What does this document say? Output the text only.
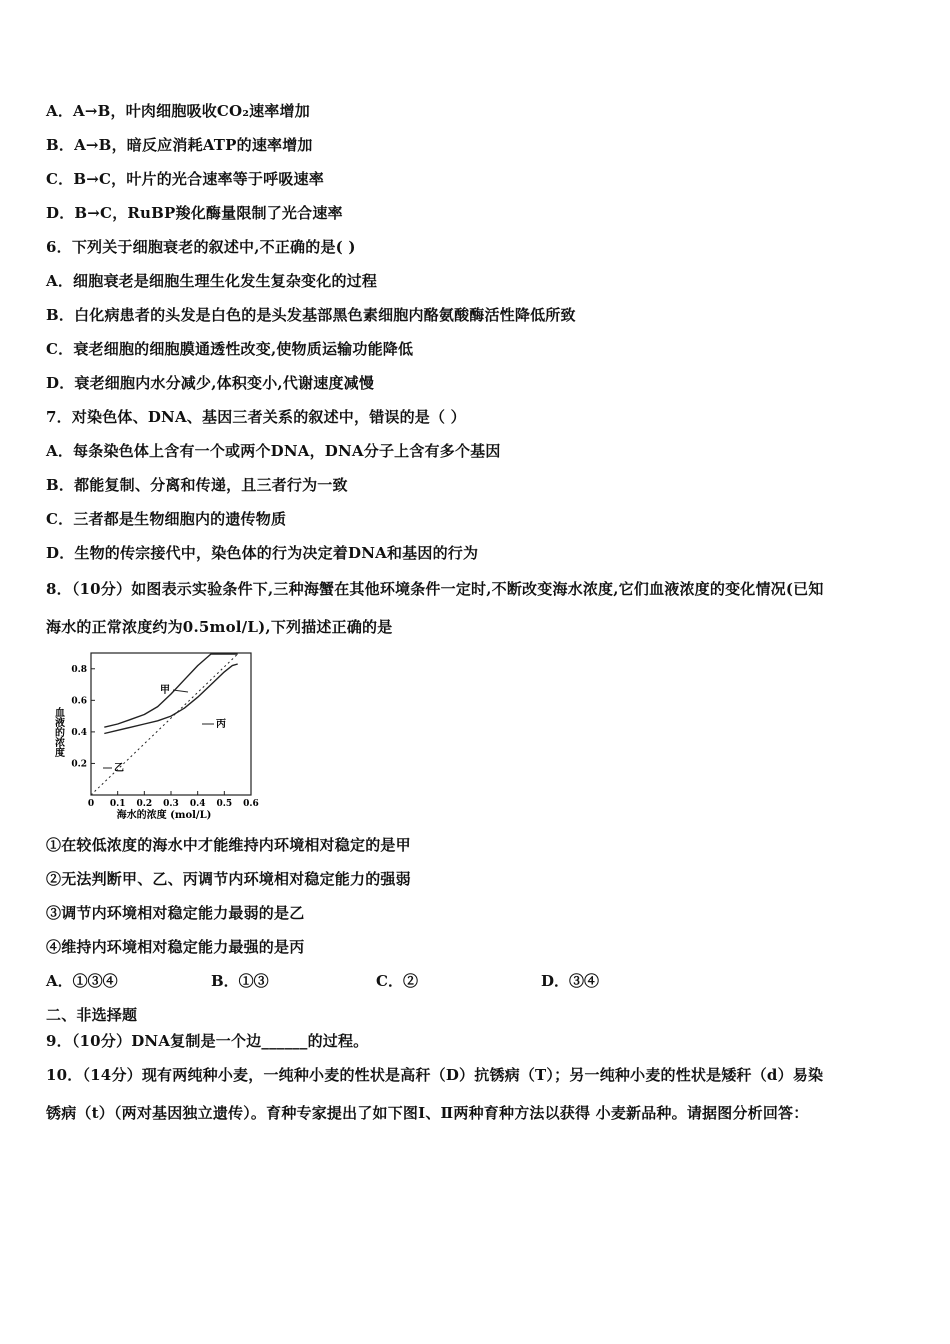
A．A→B，叶肉细胞吸收CO₂速率增加
B．A→B，暗反应消耗ATP的速率增加
C．B→C，叶片的光合速率等于呼吸速率
D．B→C，RuBP羧化酶量限制了光合速率
6．下列关于细胞衰老的叙述中,不正确的是( )
A．细胞衰老是细胞生理生化发生复杂变化的过程
B．白化病患者的头发是白色的是头发基部黑色素细胞内酪氨酸酶活性降低所致
C．衰老细胞的细胞膜通透性改变,使物质运输功能降低
D．衰老细胞内水分减少,体积变小,代谢速度减慢
7．对染色体、DNA、基因三者关系的叙述中，错误的是（ ）
A．每条染色体上含有一个或两个DNA，DNA分子上含有多个基因
B．都能复制、分离和传递，且三者行为一致
C．三者都是生物细胞内的遗传物质
D．生物的传宗接代中，染色体的行为决定着DNA和基因的行为
8．（10分）如图表示实验条件下,三种海蟹在其他环境条件一定时,不断改变海水浓度,它们血液浓度的变化情况(已知
海水的正常浓度约为0.5mol/L),下列描述正确的是
0.2
0.4
0.6
0.8
0 0.1 0.2 0.3 0.4 0.5 0.6
海水的浓度 (mol/L)
血液的浓度
甲
丙
乙
①在较低浓度的海水中才能维持内环境相对稳定的是甲
②无法判断甲、乙、丙调节内环境相对稳定能力的强弱
③调节内环境相对稳定能力最弱的是乙
④维持内环境相对稳定能力最强的是丙
A．①③④	B．①③	C．②	D．③④
二、非选择题
9．（10分）DNA复制是一个边______的过程。
10．（14分）现有两纯种小麦，一纯种小麦的性状是高秆（D）抗锈病（T）；另一纯种小麦的性状是矮秆（d）易染
锈病（t）（两对基因独立遗传）。育种专家提出了如下图Ⅰ、Ⅱ两种育种方法以获得 小麦新品种。请据图分析回答：
